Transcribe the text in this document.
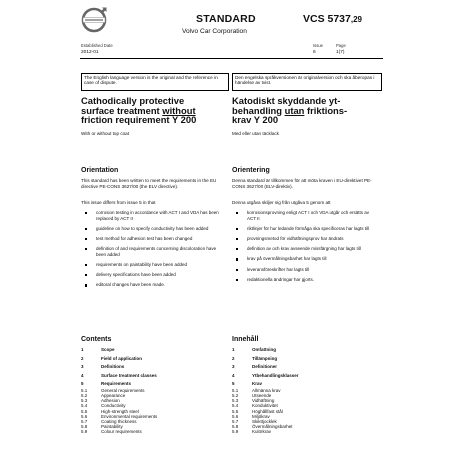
STANDARD	VCS 5737,29
Volvo Car Corporation
Established Date
2012-01
Issue
6
Page
1(7)
The English language version is the original and the reference in case of dispute.
Den engelska språkversionen är originalversion och ska åberopas i händelse av tvist.
Cathodically protective
surface treatment without
friction requirement Y 200
With or without top coat
Orientation
This standard has been written to meet the requirements in the EU directive PE-CONS 3627/00 (the ELV directive).
This issue differs from issue 5 in that
corrosion testing in accordance with ACT I and VDA has been replaced by ACT II
guideline on how to specify conductivity has been added
test method for adhesion test has been changed
definition of and requirements concerning discoloration have been added
requirements on paintability have been added
delivery specifications have been added
editoral changes have been made.
Contents
1	Scope
2	Field of application
3	Definitions
4	Surface treatment classes
5	Requirements
5.1	General requirements
5.2	Appearance
5.3	Adhesion
5.4	Conductivity
5.5	High-strength steel
5.6	Environmental requirements
5.7	Coating thickness
5.8	Paintability
5.9	Colour requirements
Katodiskt skyddande yt-
behandling utan friktions-
krav Y 200
Med eller utan täcklack
Orientering
Denna standard är tillkommen för att möta kraven i EU-direktivet PE-CONS 3627/00 (ELV-direktiv).
Denna utgåva skiljer sig från utgåva 5 genom att
korrosionsprovning enligt ACT I och VDA utgår och ersätts av ACT II
riktlinjer för hur ledande förmåga ska specificeras har lagts till
provningsmetod för vidhäftningsprov har ändrats
definition av och krav avseende missfärgning har lagts till
krav på övermålningsbarhet har lagts till
leveransföreskrifter har lagts till
redaktionella ändringar har gjorts.
Innehåll
1	Omfattning
2	Tillämpning
3	Definitioner
4	Ytbehandlingsklasser
5	Krav
5.1	Allmänna krav
5.2	Utseende
5.3	Vidhäftning
5.4	Konduktivitet
5.5	Höghållfast stål
5.6	Miljökrav
5.7	Skikttjocklek
5.8	Övermålningsbarhet
5.9	Kulörkrav
